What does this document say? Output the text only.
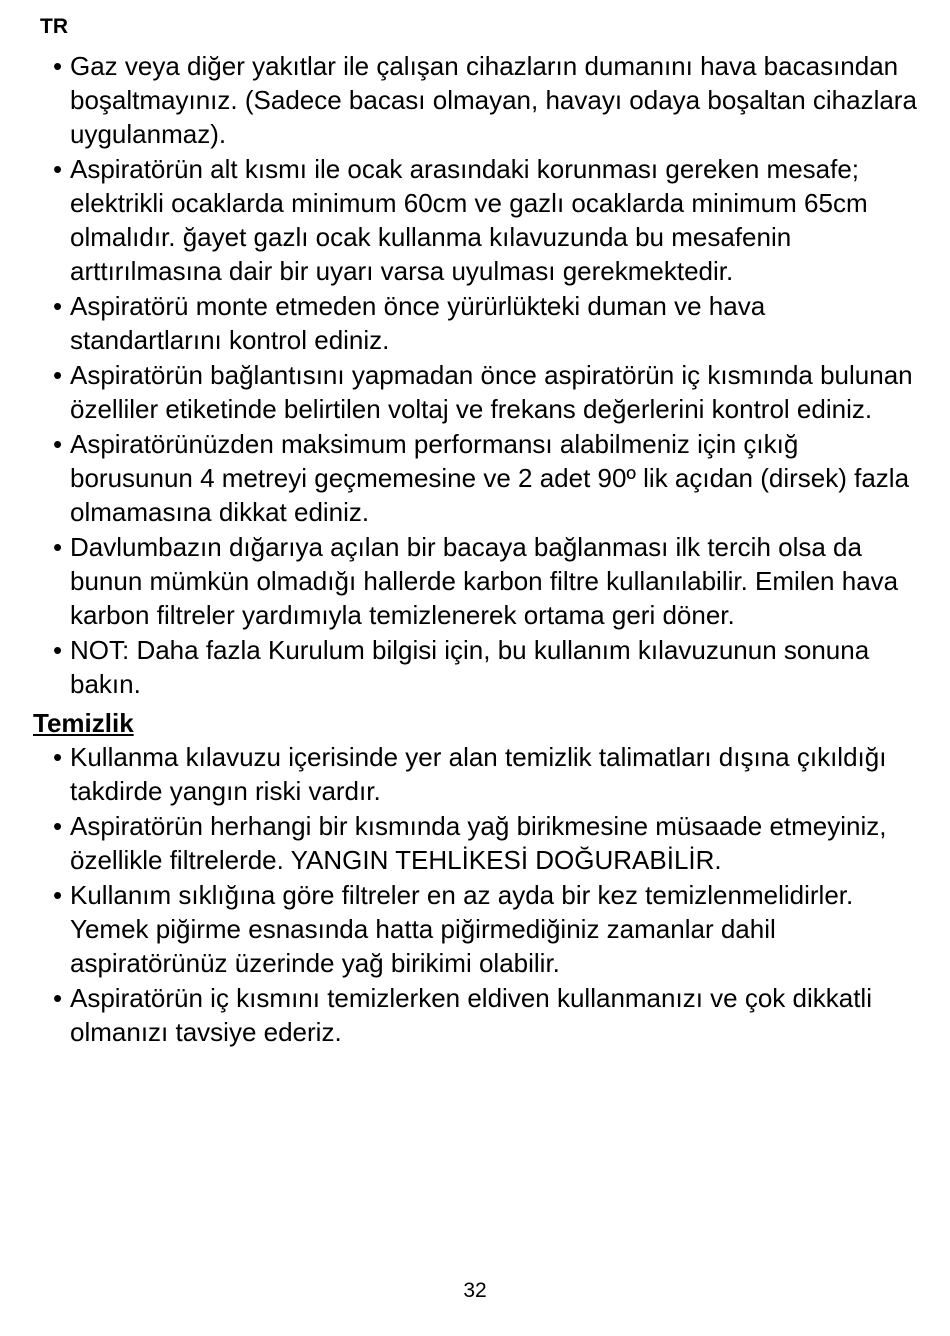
TR
• Gaz veya diğer yakıtlar ile çalışan cihazların dumanını hava bacasından boşaltmayınız. (Sadece bacası olmayan, havayı odaya boşaltan cihazlara uygulanmaz).
• Aspiratörün alt kısmı ile ocak arasındaki korunması gereken mesafe; elektrikli ocaklarda minimum 60cm ve gazlı ocaklarda minimum 65cm olmalıdır. ğayet gazlı ocak kullanma kılavuzunda bu mesafenin arttırılmasına dair bir uyarı varsa uyulması gerekmektedir.
• Aspiratörü monte etmeden önce yürürlükteki duman ve hava standartlarını kontrol ediniz.
• Aspiratörün bağlantısını yapmadan önce aspiratörün iç kısmında bulunan özelliler etiketinde belirtilen voltaj ve frekans değerlerini kontrol ediniz.
• Aspiratörünüzden maksimum performansı alabilmeniz için çıkığ borusunun 4 metreyi geçmemesine ve 2 adet 90º lik açıdan (dirsek) fazla olmamasına dikkat ediniz.
• Davlumbazın dığarıya açılan bir bacaya bağlanması ilk tercih olsa da bunun mümkün olmadığı hallerde karbon filtre kullanılabilir. Emilen hava karbon filtreler yardımıyla temizlenerek ortama geri döner.
• NOT: Daha fazla Kurulum bilgisi için, bu kullanım kılavuzunun sonuna bakın.
Temizlik
• Kullanma kılavuzu içerisinde yer alan temizlik talimatları dışına çıkıldığı takdirde yangın riski vardır.
• Aspiratörün herhangi bir kısmında yağ birikmesine müsaade etmeyiniz, özellikle filtrelerde. YANGIN TEHLİKESİ DOĞURABİLİR.
• Kullanım sıklığına göre filtreler en az ayda bir kez temizlenmelidirler. Yemek piğirme esnasında hatta piğirmediğiniz zamanlar dahil aspiratörünüz üzerinde yağ birikimi olabilir.
• Aspiratörün iç kısmını temizlerken eldiven kullanmanızı ve çok dikkatli olmanızı tavsiye ederiz.
32
